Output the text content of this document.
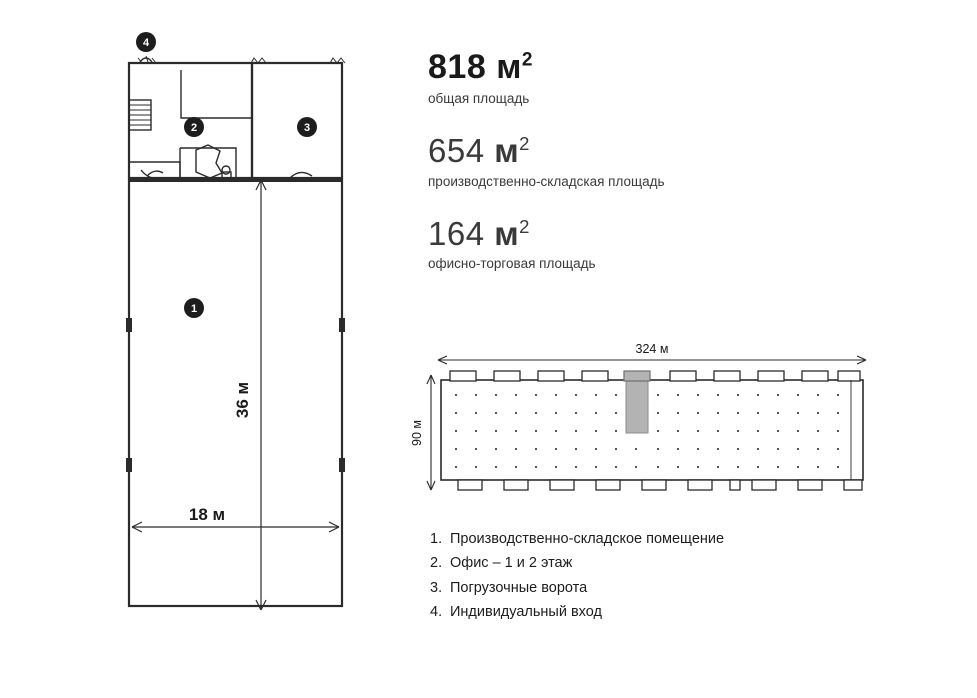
18 м
36 м
1
2	3
4
818 $м^2$
общая площадь
654 $м^2$
производственно-складская площадь
164 $м^2$
офисно-торговая площадь
324 м
90 м
1. Производственно-складское помещение
2. Офис – 1 и 2 этаж
3. Погрузочные ворота
4. Индивидуальный вход
